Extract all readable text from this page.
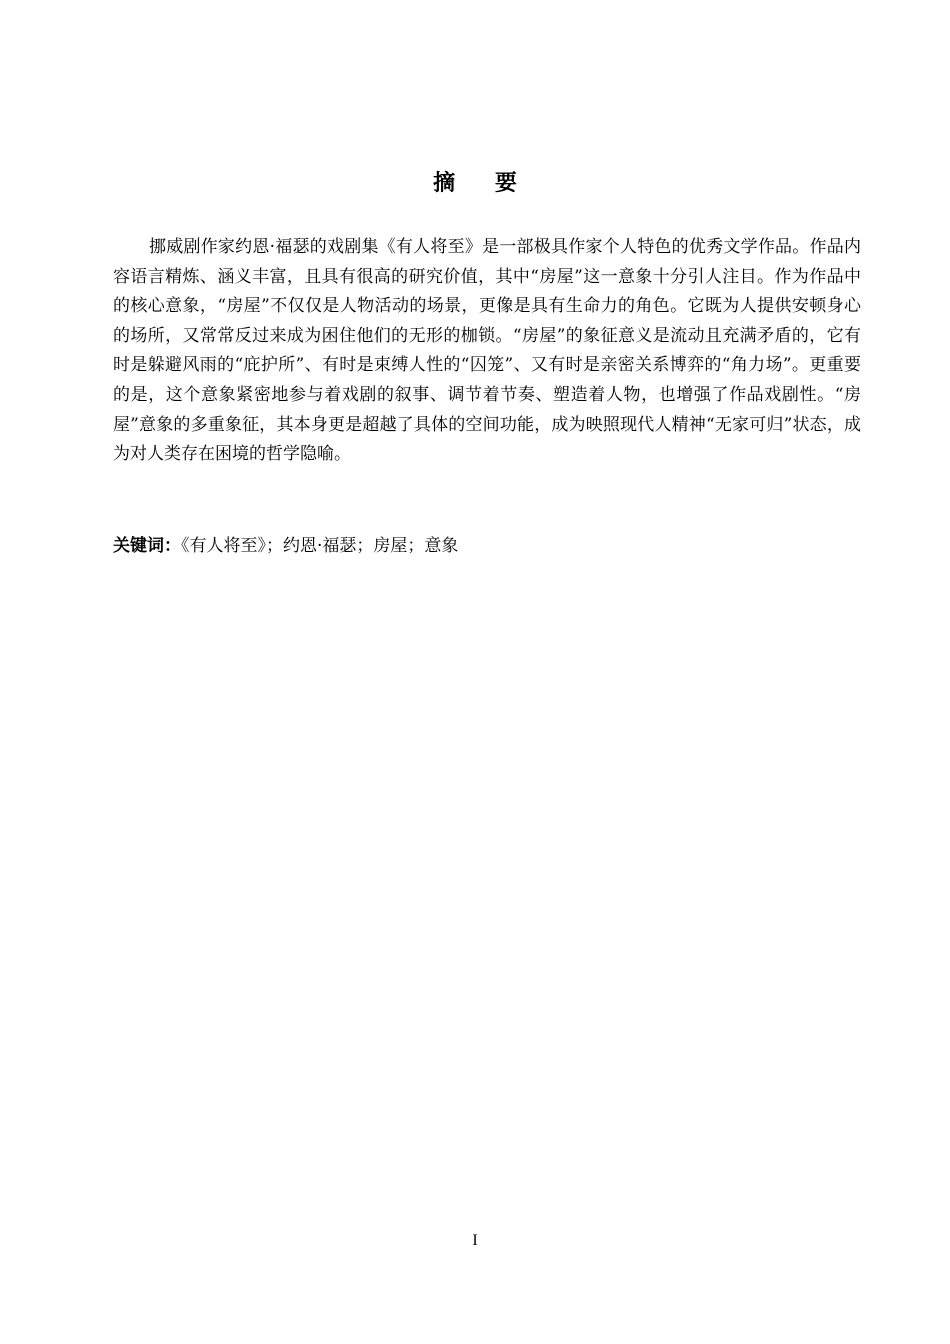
摘 要

挪威剧作家约恩·福瑟的戏剧集《有人将至》是一部极具作家个人特色的优秀文学作品。作品内容语言精炼、涵义丰富，且具有很高的研究价值，其中“房屋”这一意象十分引人注目。作为作品中的核心意象，“房屋”不仅仅是人物活动的场景，更像是具有生命力的角色。它既为人提供安顿身心的场所，又常常反过来成为困住他们的无形的枷锁。“房屋”的象征意义是流动且充满矛盾的，它有时是躲避风雨的“庇护所”、有时是束缚人性的“囚笼”、又有时是亲密关系博弈的“角力场”。更重要的是，这个意象紧密地参与着戏剧的叙事、调节着节奏、塑造着人物，也增强了作品戏剧性。“房屋”意象的多重象征，其本身更是超越了具体的空间功能，成为映照现代人精神“无家可归”状态，成为对人类存在困境的哲学隐喻。

关键词：《有人将至》；约恩·福瑟；房屋；意象
I
